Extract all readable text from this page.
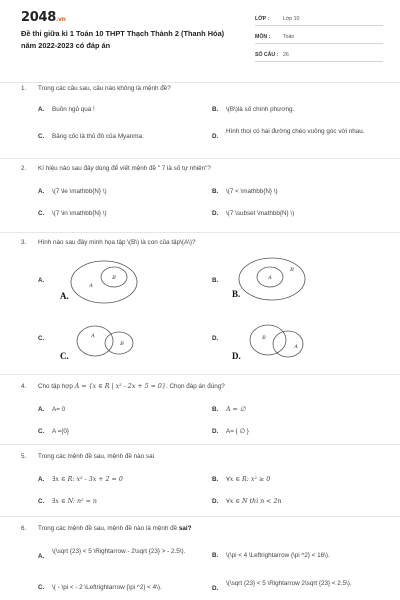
2048.vn
Đề thi giữa kì 1 Toán 10 THPT Thạch Thành 2 (Thanh Hóa) năm 2022-2023 có đáp án
LỚP :	Lớp 10
MÔN :	Toán
SỐ CÂU : 26
1. Trong các câu sau, câu nào không là mệnh đề?
A. Buồn ngủ quá !	B. \(B\)là số chính phương.
C. Băng cốc là thủ đô của Myanma.	D.
Hình thoi có hai đường chéo vuông góc với nhau.
2. Kí hiệu nào sau đây dùng để viết mệnh đề " 7 là số tự nhiên"?
A. \(7 \le \mathbb{N} \)	B. \(7 < \mathbb{N} \)
C. \(7 \in \mathbb{N} \)	D. \(7 \subset \mathbb{N} \)
3. Hình nào sau đây minh họa tập \(B\) là con của tập\(A\)?
A.	B
A
A.
B.	A
B
B.
C.	A
B
C.
D.	B
A
D.
4. Cho tập hợp A = {x ∈ R | x² - 2x + 5 = 0}. Chọn đáp án đúng?
A. A= 0	B. A = ∅
C. A ={0}	D. A= { ∅ }
5. Trong các mệnh đề sau, mệnh đề nào sai
A. ∃x ∈ R: x² - 3x + 2 = 0	B. ∀x ∈ R: x² ≥ 0
C. ∃x ∈ N: n² = n	D. ∀x ∈ N thì n < 2n
6. Trong các mệnh đề sau, mệnh đề nào là mệnh đề sai?
A.
\(\sqrt {23} < 5 \Rightarrow - 2\sqrt {23} > - 2.5\).
B. \(\pi < 4 \Leftrightarrow {\pi ^2} < 16\).
C. \( - \pi < - 2 \Leftrightarrow {\pi ^2} < 4\).	D.
\(\sqrt {23} < 5 \Rightarrow 2\sqrt {23} < 2.5\).
